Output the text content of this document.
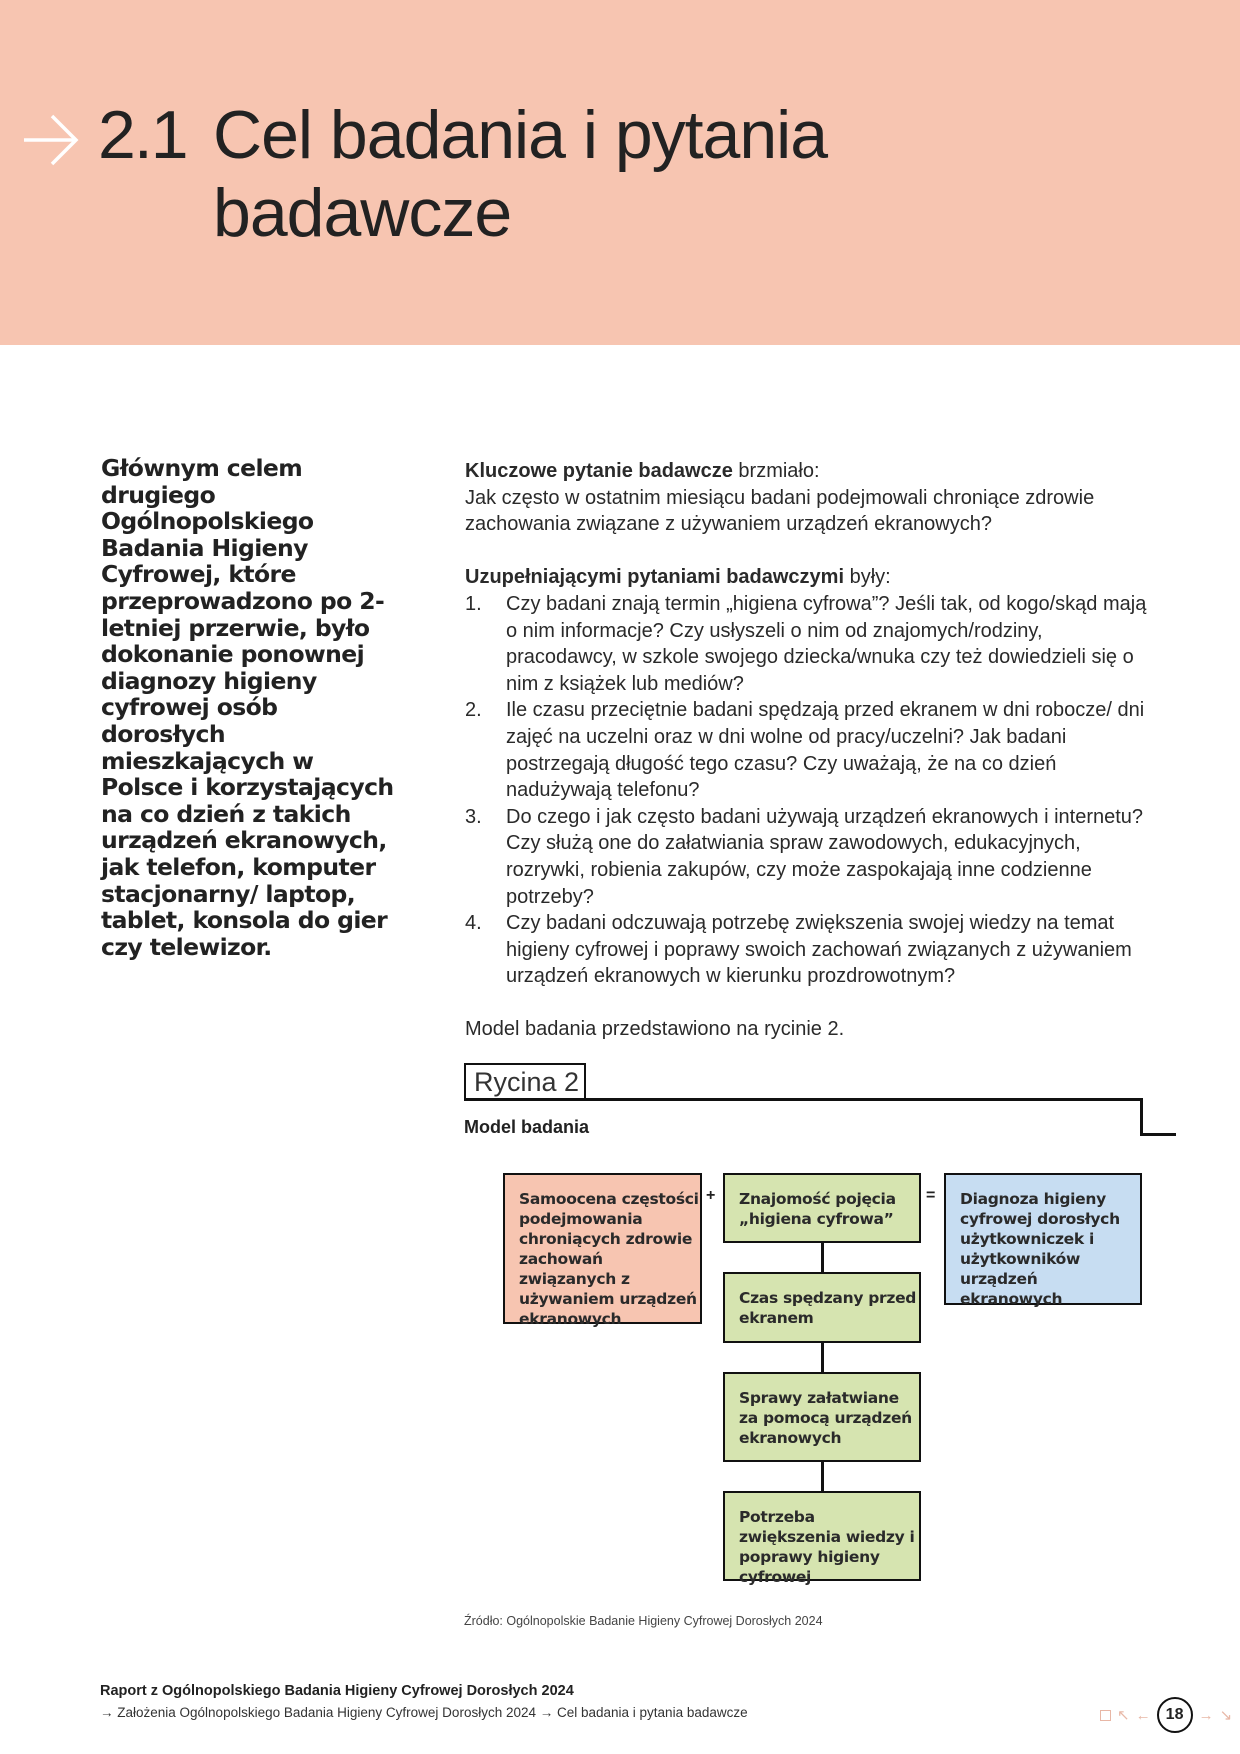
2.1 Cel badania i pytania badawcze
Głównym celem drugiego Ogólnopolskiego Badania Higieny Cyfrowej, które przeprowadzono po 2-letniej przerwie, było dokonanie ponownej diagnozy higieny cyfrowej osób dorosłych mieszkających w Polsce i korzystających na co dzień z takich urządzeń ekranowych, jak telefon, komputer stacjonarny/ laptop, tablet, konsola do gier czy telewizor.

Kluczowe pytanie badawcze brzmiało:

Jak często w ostatnim miesiącu badani podejmowali chroniące zdrowie zachowania związane z używaniem urządzeń ekranowych?

Uzupełniającymi pytaniami badawczymi były:

1. Czy badani znają termin „higiena cyfrowa”? Jeśli tak, od kogo/skąd mają o nim informacje? Czy usłyszeli o nim od znajomych/rodziny, pracodawcy, w szkole swojego dziecka/wnuka czy też dowiedzieli się o nim z książek lub mediów?
2. Ile czasu przeciętnie badani spędzają przed ekranem w dni robocze/ dni zajęć na uczelni oraz w dni wolne od pracy/uczelni? Jak badani postrzegają długość tego czasu? Czy uważają, że na co dzień nadużywają telefonu?
3. Do czego i jak często badani używają urządzeń ekranowych i internetu? Czy służą one do załatwiania spraw zawodowych, edukacyjnych, rozrywki, robienia zakupów, czy może zaspokajają inne codzienne potrzeby?
4. Czy badani odczuwają potrzebę zwiększenia swojej wiedzy na temat higieny cyfrowej i poprawy swoich zachowań związanych z używaniem urządzeń ekranowych w kierunku prozdrowotnym?

Model badania przedstawiono na rycinie 2.

Rycina 2
Model badania
Samoocena częstości podejmowania chroniących zdrowie zachowań związanych z używaniem urządzeń ekranowych
+	Znajomość pojęcia „higiena cyfrowa”
=	Diagnoza higieny cyfrowej dorosłych użytkowniczek i użytkowników urządzeń ekranowych
Czas spędzany przed ekranem
Sprawy załatwiane za pomocą urządzeń ekranowych
Potrzeba zwiększenia wiedzy i poprawy higieny cyfrowej
Źródło: Ogólnopolskie Badanie Higieny Cyfrowej Dorosłych 2024
Raport z Ogólnopolskiego Badania Higieny Cyfrowej Dorosłych 2024
→ Założenia Ogólnopolskiego Badania Higieny Cyfrowej Dorosłych 2024 → Cel badania i pytania badawcze	↖ ← 18	→ ↘
